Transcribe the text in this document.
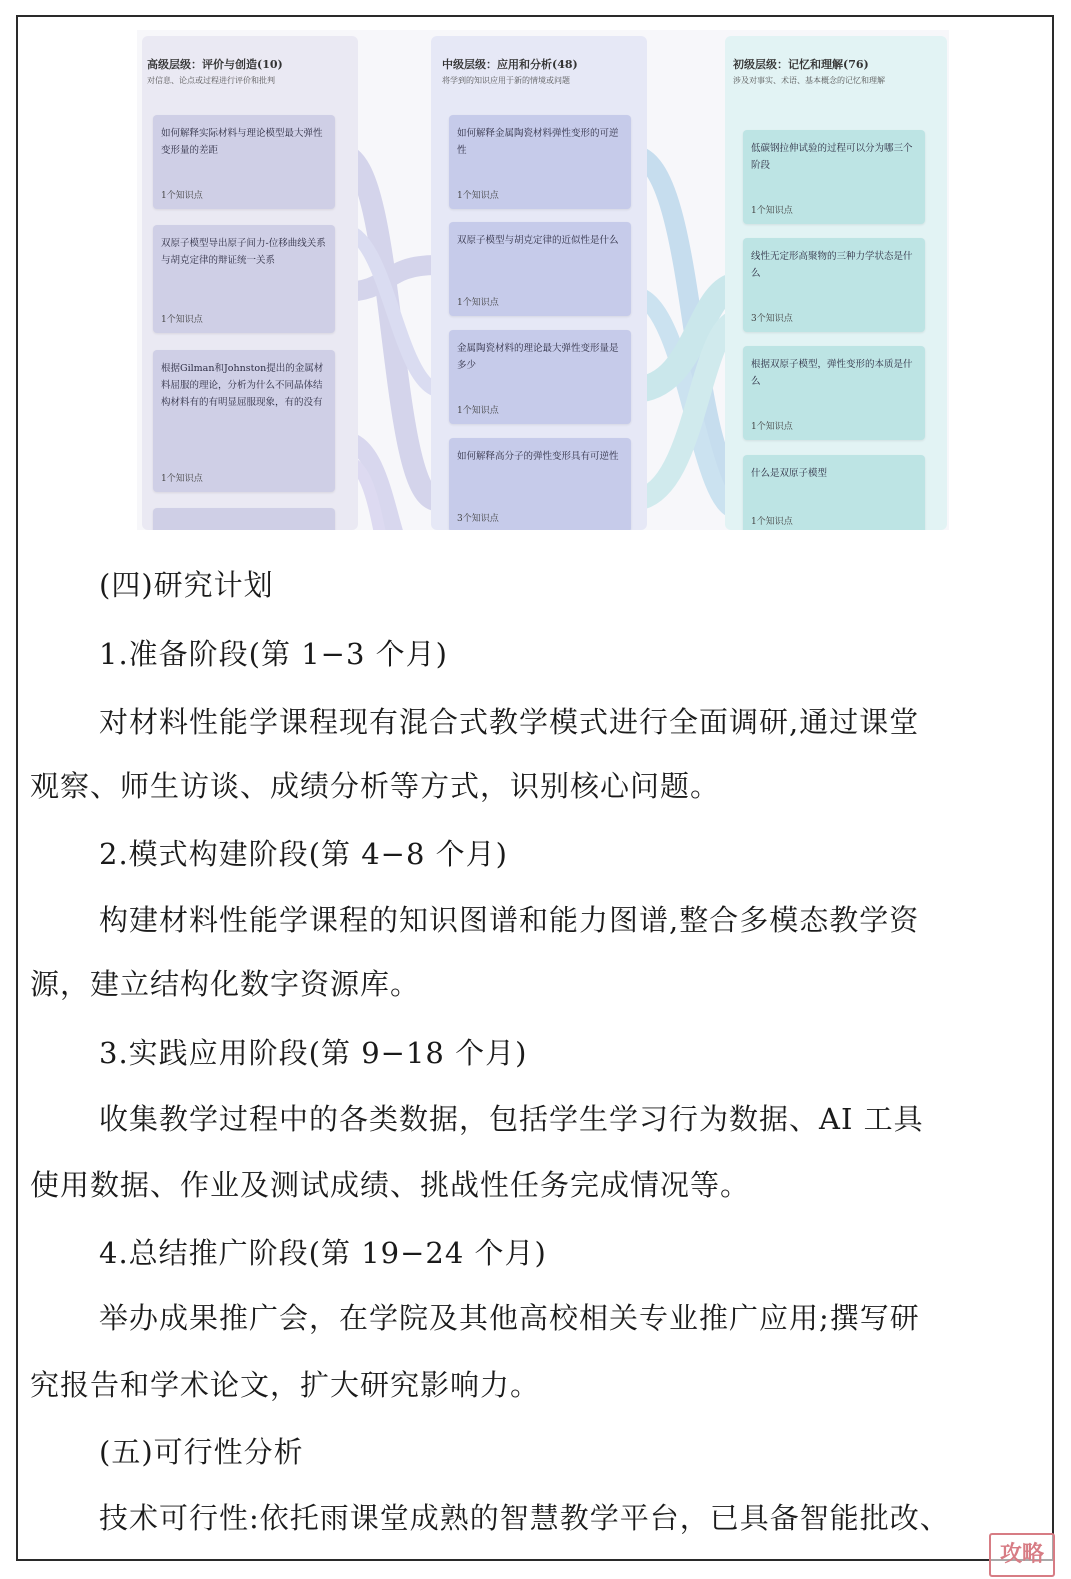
高级层级：评价与创造(10)
对信息、论点或过程进行评价和批判
中级层级：应用和分析(48)
将学到的知识应用于新的情境或问题
初级层级：记忆和理解(76)
涉及对事实、术语、基本概念的记忆和理解
如何解释实际材料与理论模型最大弹性变形量的差距
1个知识点
双原子模型导出原子间力-位移曲线关系与胡克定律的辩证统一关系
1个知识点
根据Gilman和Johnston提出的金属材料屈服的理论，分析为什么不同晶体结构材料有的有明显屈服现象，有的没有
1个知识点
如何解释金属陶瓷材料弹性变形的可逆性
1个知识点
双原子模型与胡克定律的近似性是什么
1个知识点
金属陶瓷材料的理论最大弹性变形量是多少
1个知识点
如何解释高分子的弹性变形具有可逆性
3个知识点
低碳钢拉伸试验的过程可以分为哪三个阶段
1个知识点
线性无定形高聚物的三种力学状态是什么
3个知识点
根据双原子模型，弹性变形的本质是什么
1个知识点
什么是双原子模型
1个知识点
(四)研究计划
1.准备阶段(第 1−3 个月)
对材料性能学课程现有混合式教学模式进行全面调研,通过课堂
观察、师生访谈、成绩分析等方式，识别核心问题。
2.模式构建阶段(第 4−8 个月)
构建材料性能学课程的知识图谱和能力图谱,整合多模态教学资
源，建立结构化数字资源库。
3.实践应用阶段(第 9−18 个月)
收集教学过程中的各类数据，包括学生学习行为数据、AI 工具
使用数据、作业及测试成绩、挑战性任务完成情况等。
4.总结推广阶段(第 19−24 个月)
举办成果推广会，在学院及其他高校相关专业推广应用;撰写研
究报告和学术论文，扩大研究影响力。
(五)可行性分析
技术可行性:依托雨课堂成熟的智慧教学平台，已具备智能批改、
攻略
